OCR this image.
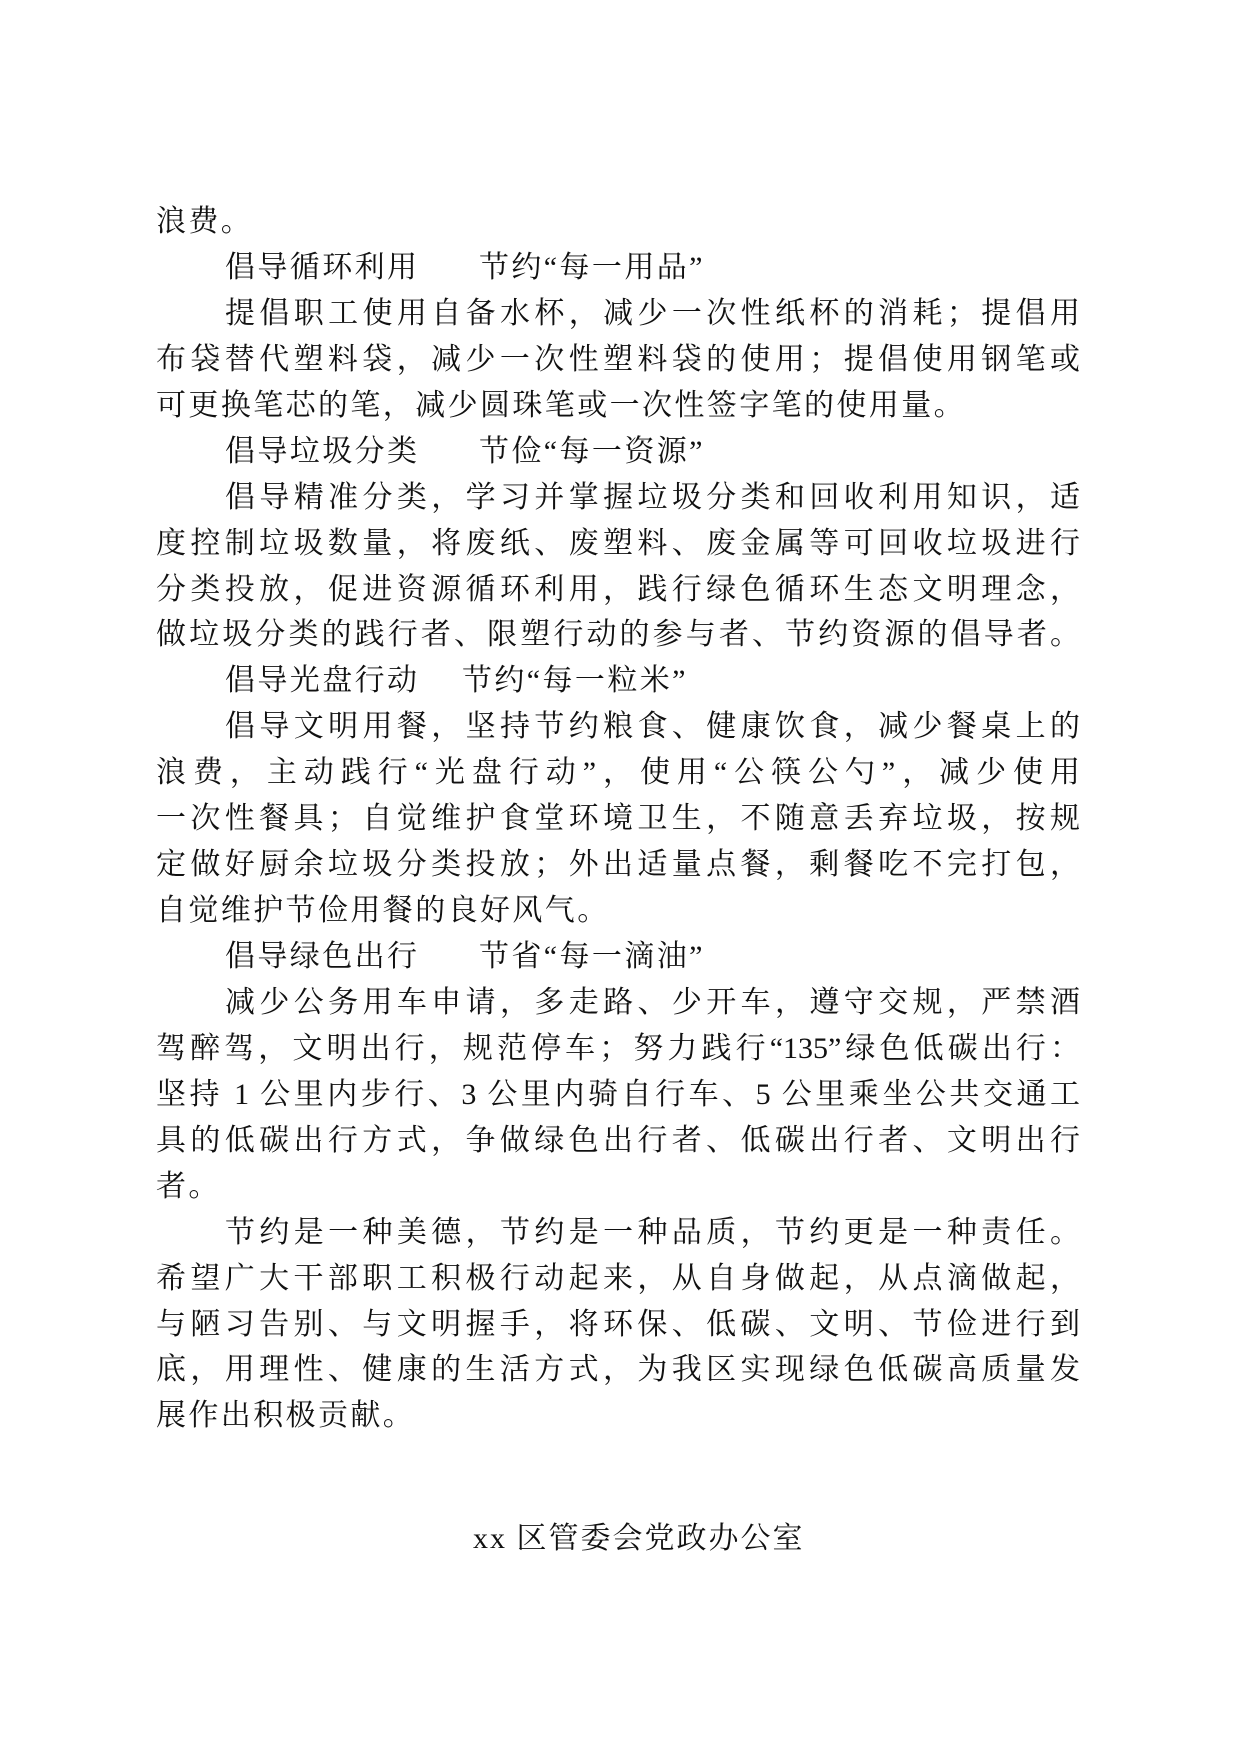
浪费。
倡导循环利用 节约“每一用品”
提倡职工使用自备水杯，减少一次性纸杯的消耗；提倡用
布袋替代塑料袋，减少一次性塑料袋的使用；提倡使用钢笔或
可更换笔芯的笔，减少圆珠笔或一次性签字笔的使用量。
倡导垃圾分类 节俭“每一资源”
倡导精准分类，学习并掌握垃圾分类和回收利用知识，适
度控制垃圾数量，将废纸、废塑料、废金属等可回收垃圾进行
分类投放，促进资源循环利用，践行绿色循环生态文明理念，
做垃圾分类的践行者、限塑行动的参与者、节约资源的倡导者。
倡导光盘行动 节约“每一粒米”
倡导文明用餐，坚持节约粮食、健康饮食，减少餐桌上的
浪费，主动践行“光盘行动”，使用“公筷公勺”，减少使用
一次性餐具；自觉维护食堂环境卫生，不随意丢弃垃圾，按规
定做好厨余垃圾分类投放；外出适量点餐，剩餐吃不完打包，
自觉维护节俭用餐的良好风气。
倡导绿色出行 节省“每一滴油”
减少公务用车申请，多走路、少开车，遵守交规，严禁酒
驾醉驾，文明出行，规范停车；努力践行“135”绿色低碳出行：
坚持 1 公里内步行、3 公里内骑自行车、5 公里乘坐公共交通工
具的低碳出行方式，争做绿色出行者、低碳出行者、文明出行
者。
节约是一种美德，节约是一种品质，节约更是一种责任。
希望广大干部职工积极行动起来，从自身做起，从点滴做起，
与陋习告别、与文明握手，将环保、低碳、文明、节俭进行到
底，用理性、健康的生活方式，为我区实现绿色低碳高质量发
展作出积极贡献。
xx 区管委会党政办公室
